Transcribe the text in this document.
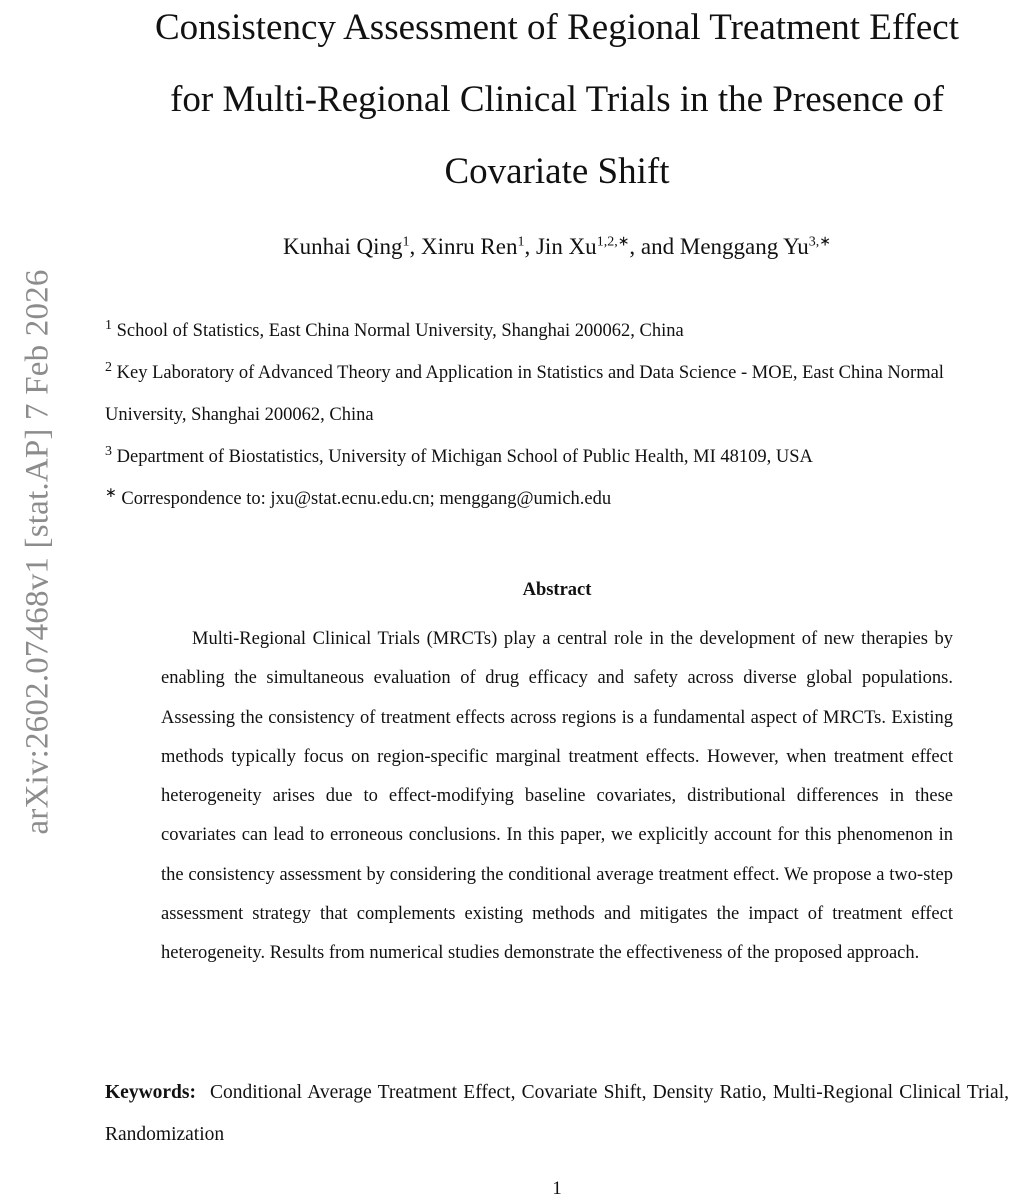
arXiv:2602.07468v1 [stat.AP] 7 Feb 2026
Consistency Assessment of Regional Treatment Effect
for Multi-Regional Clinical Trials in the Presence of
Covariate Shift
Kunhai Qing$^1$, Xinru Ren$^1$, Jin $Xu^{1,2,∗}$, and Menggang $Yu^{3,∗}$
$^1$ School of Statistics, East China Normal University, Shanghai 200062, China
$^2$ Key Laboratory of Advanced Theory and Application in Statistics and Data Science - MOE, East China Normal University, Shanghai 200062, China
$^3$ Department of Biostatistics, University of Michigan School of Public Health, MI 48109, USA
∗ Correspondence to: jxu@stat.ecnu.edu.cn; menggang@umich.edu
Abstract

Multi-Regional Clinical Trials (MRCTs) play a central role in the development of new therapies by enabling the simultaneous evaluation of drug efficacy and safety across diverse global populations. Assessing the consistency of treatment effects across regions is a fundamental aspect of MRCTs. Existing methods typically focus on region-specific marginal treatment effects. However, when treatment effect heterogeneity arises due to effect-modifying baseline covariates, distributional differences in these covariates can lead to erroneous conclusions. In this paper, we explicitly account for this phenomenon in the consistency assessment by considering the conditional average treatment effect. We propose a two-step assessment strategy that complements existing methods and mitigates the impact of treatment effect heterogeneity. Results from numerical studies demonstrate the effectiveness of the proposed approach.

Keywords: Conditional Average Treatment Effect, Covariate Shift, Density Ratio, Multi-Regional Clinical Trial, Randomization

1
